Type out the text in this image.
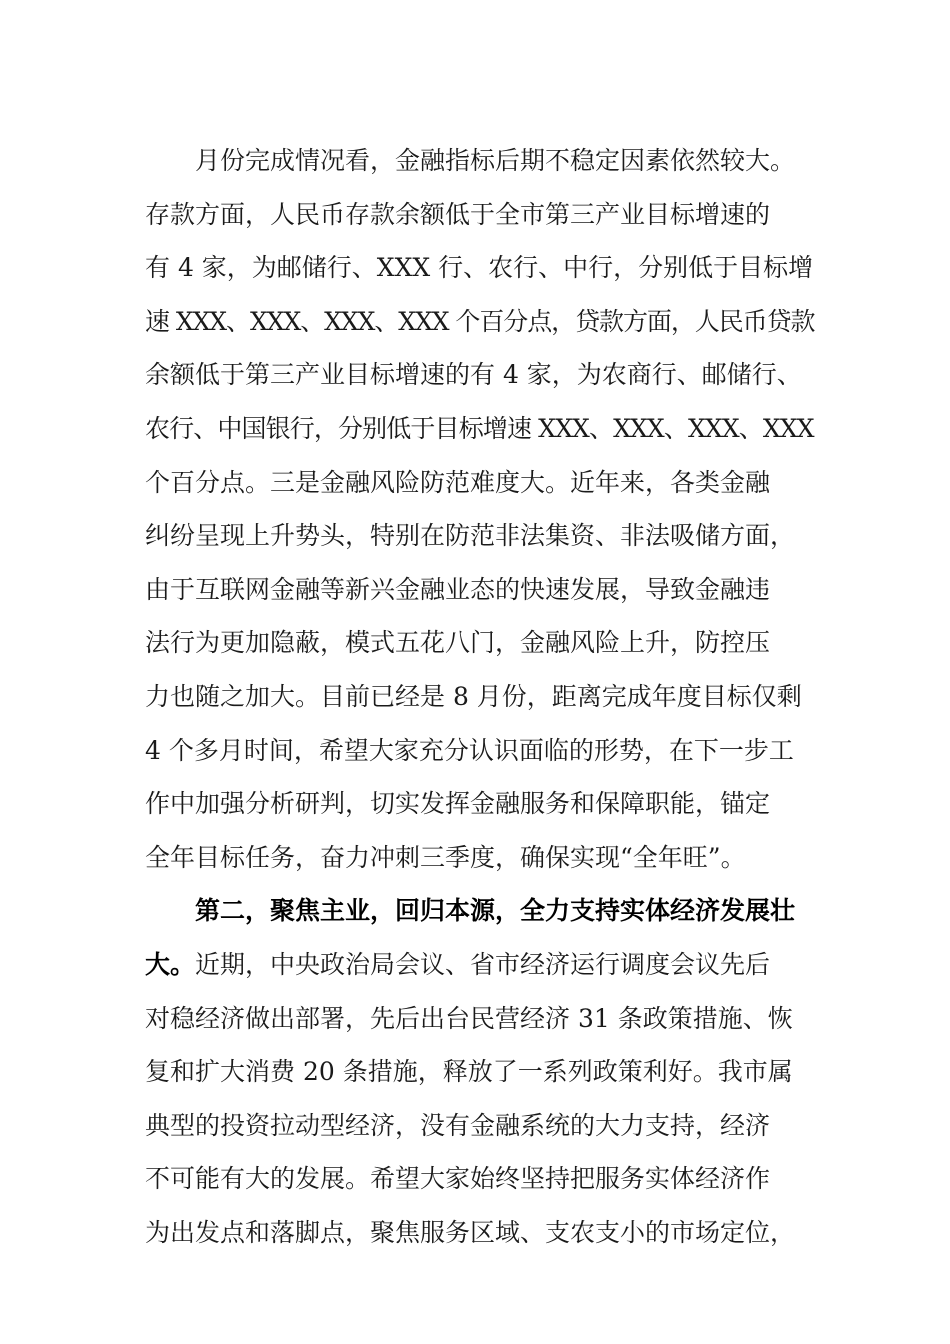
月份完成情况看，金融指标后期不稳定因素依然较大。
存款方面，人民币存款余额低于全市第三产业目标增速的
有 4 家，为邮储行、XXX 行、农行、中行，分别低于目标增
速 XXX、XXX、XXX、XXX 个百分点，贷款方面，人民币贷款
余额低于第三产业目标增速的有 4 家，为农商行、邮储行、
农行、中国银行，分别低于目标增速 XXX、XXX、XXX、XXX
个百分点。三是金融风险防范难度大。近年来，各类金融
纠纷呈现上升势头，特别在防范非法集资、非法吸储方面，
由于互联网金融等新兴金融业态的快速发展，导致金融违
法行为更加隐蔽，模式五花八门，金融风险上升，防控压
力也随之加大。目前已经是 8 月份，距离完成年度目标仅剩
4 个多月时间，希望大家充分认识面临的形势，在下一步工
作中加强分析研判，切实发挥金融服务和保障职能，锚定
全年目标任务，奋力冲刺三季度，确保实现“全年旺”。
第二，聚焦主业，回归本源，全力支持实体经济发展壮
大。近期，中央政治局会议、省市经济运行调度会议先后
对稳经济做出部署，先后出台民营经济 31 条政策措施、恢
复和扩大消费 20 条措施，释放了一系列政策利好。我市属
典型的投资拉动型经济，没有金融系统的大力支持，经济
不可能有大的发展。希望大家始终坚持把服务实体经济作
为出发点和落脚点，聚焦服务区域、支农支小的市场定位，
